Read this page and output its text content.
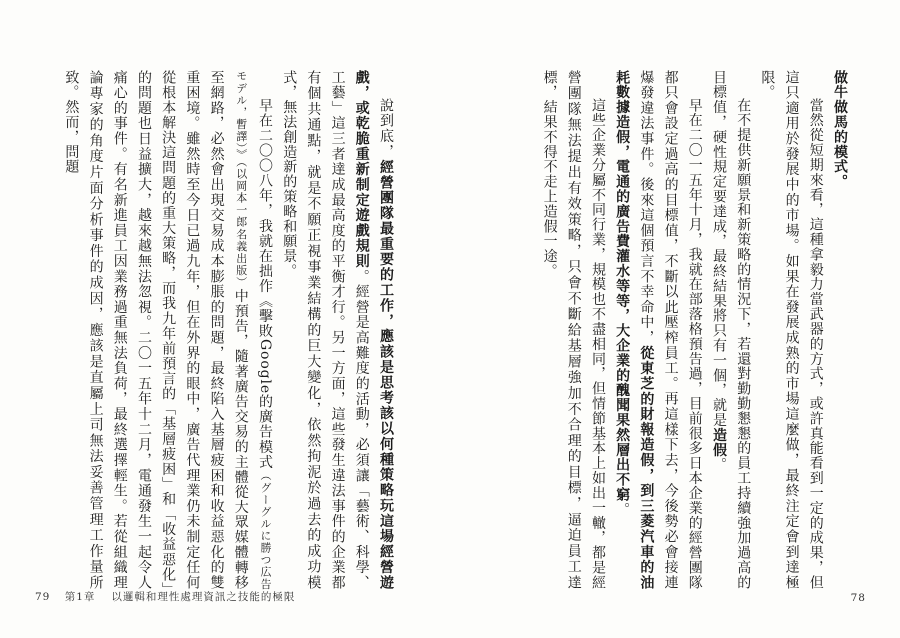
說到底，經營團隊最重要的工作，應該是思考該以何種策略玩這場經營遊戲，或乾脆重新制定遊戲規則。經營是高難度的活動，必須讓「藝術、科學、工藝」這三者達成最高度的平衡才行。另一方面，這些發生違法事件的企業都有個共通點，就是不願正視事業結構的巨大變化，依然拘泥於過去的成功模式，無法創造新的策略和願景。

早在二〇〇八年，我就在拙作《擊敗Google的廣告模式（グーグルに勝つ広告モデル，暫譯）》（以岡本一郎名義出版）中預告，隨著廣告交易的主體從大眾媒體轉移至網路，必然會出現交易成本膨脹的問題，最終陷入基層疲困和收益惡化的雙重困境。雖然時至今日已過九年，但在外界的眼中，廣告代理業仍未制定任何從根本解決這問題的重大策略，而我九年前預言的「基層疲困」和「收益惡化」的問題也日益擴大，越來越無法忽視。二〇一五年十二月，電通發生一起令人痛心的事件。有名新進員工因業務過重無法負荷，最終選擇輕生。若從組織理論專家的角度片面分析事件的成因，應該是直屬上司無法妥善管理工作量所致。然而，問題

79 第1章 以邏輯和理性處理資訊之技能的極限

做牛做馬的模式。

當然從短期來看，這種拿毅力當武器的方式，或許真能看到一定的成果，但這只適用於發展中的市場。如果在發展成熟的市場這麼做，最終注定會到達極限。

在不提供新願景和新策略的情況下，若還對勤勤懇懇的員工持續強加過高的目標值，硬性規定要達成，最終結果將只有一個，就是造假。

早在二〇一五年十月，我就在部落格預告過，目前很多日本企業的經營團隊都只會設定過高的目標值，不斷以此壓榨員工。再這樣下去，今後勢必會接連爆發違法事件。後來這個預言不幸命中，從東芝的財報造假，到三菱汽車的油耗數據造假，電通的廣告費灌水等等，大企業的醜聞果然層出不窮。

這些企業分屬不同行業，規模也不盡相同，但情節基本上如出一轍，都是經營團隊無法提出有效策略，只會不斷給基層強加不合理的目標，逼迫員工達標，結果不得不走上造假一途。

78
